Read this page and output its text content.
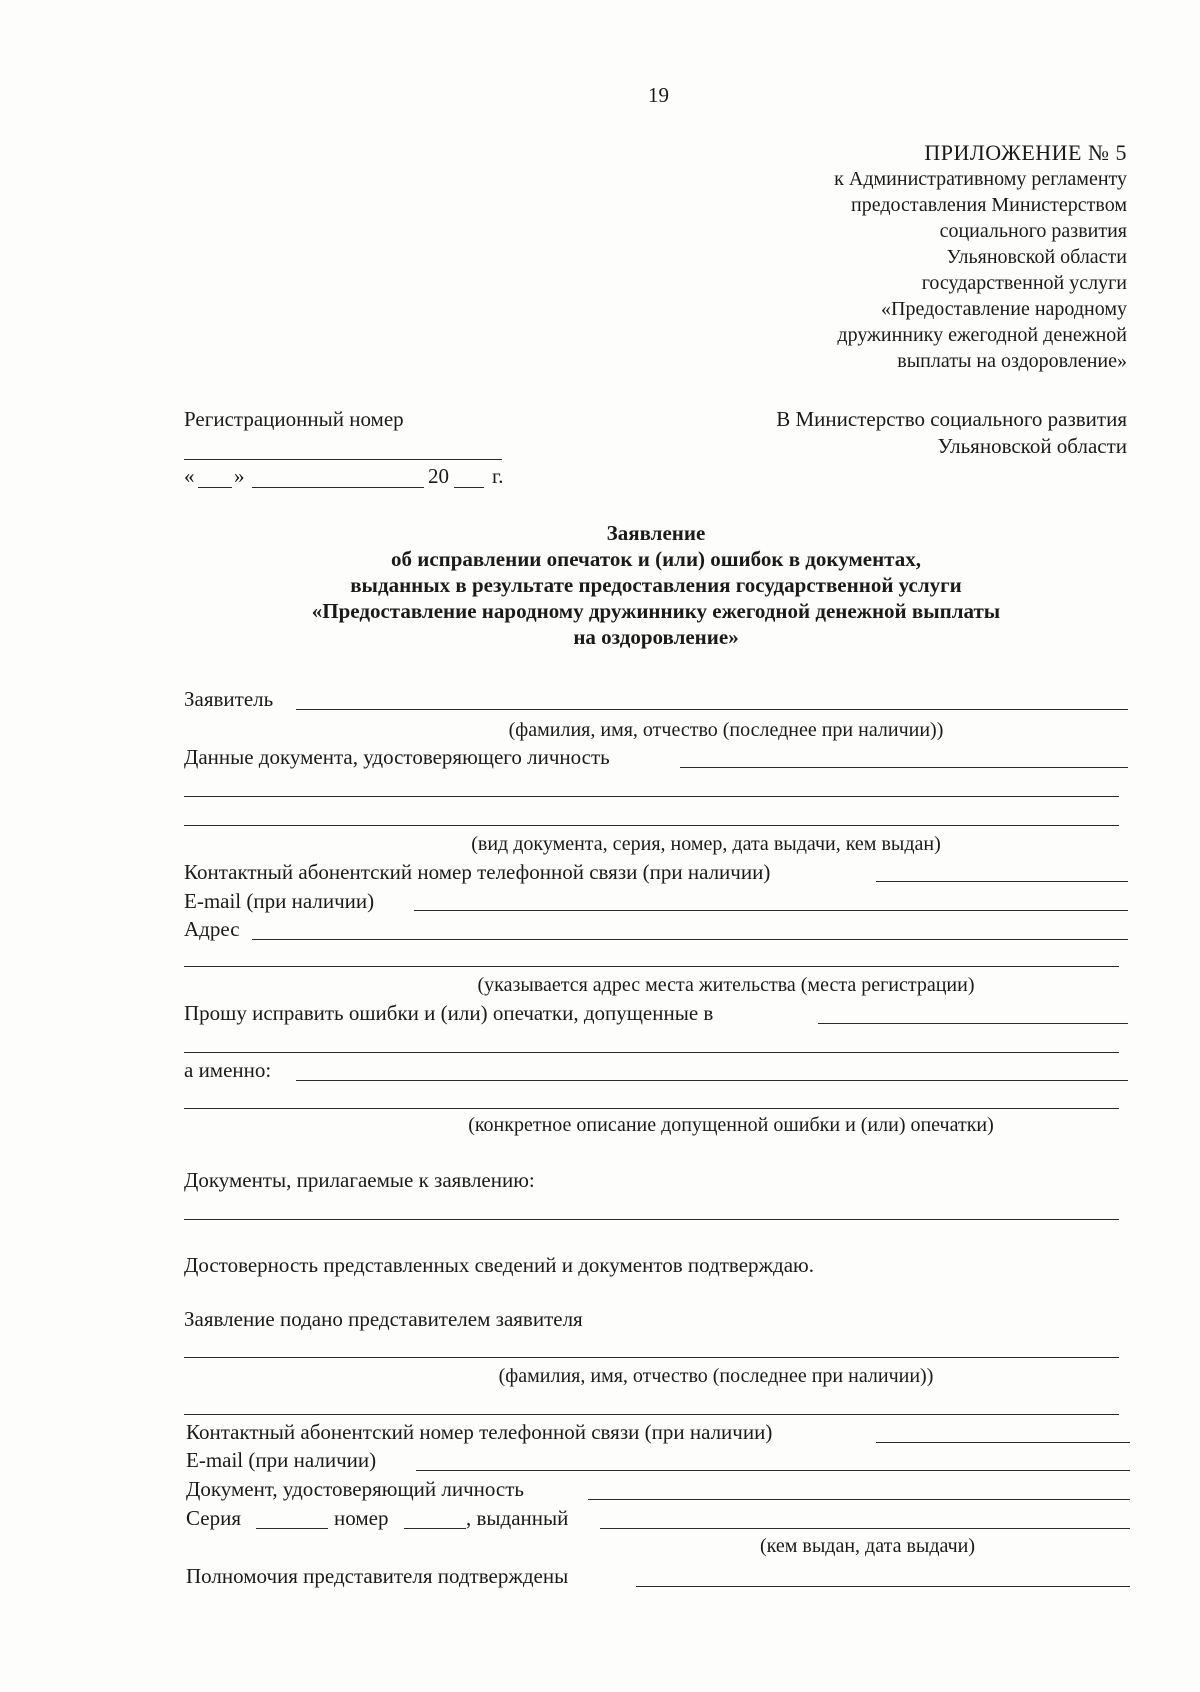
19
ПРИЛОЖЕНИЕ № 5
к Административному регламенту
предоставления Министерством
социального развития
Ульяновской области
государственной услуги
«Предоставление народному
дружиннику ежегодной денежной
выплаты на оздоровление»
Регистрационный номер
« »	20 г.
В Министерство социального развития
Ульяновской области
Заявление
об исправлении опечаток и (или) ошибок в документах,
выданных в результате предоставления государственной услуги
«Предоставление народному дружиннику ежегодной денежной выплаты
на оздоровление»
Заявитель
(фамилия, имя, отчество (последнее при наличии))
Данные документа, удостоверяющего личность
(вид документа, серия, номер, дата выдачи, кем выдан)
Контактный абонентский номер телефонной связи (при наличии)
E-mail (при наличии)
Адрес
(указывается адрес места жительства (места регистрации)
Прошу исправить ошибки и (или) опечатки, допущенные в
а именно:
(конкретное описание допущенной ошибки и (или) опечатки)
Документы, прилагаемые к заявлению:
Достоверность представленных сведений и документов подтверждаю.
Заявление подано представителем заявителя
(фамилия, имя, отчество (последнее при наличии))
Контактный абонентский номер телефонной связи (при наличии)
E-mail (при наличии)
Документ, удостоверяющий личность
Серия	номер	, выданный
(кем выдан, дата выдачи)
Полномочия представителя подтверждены
